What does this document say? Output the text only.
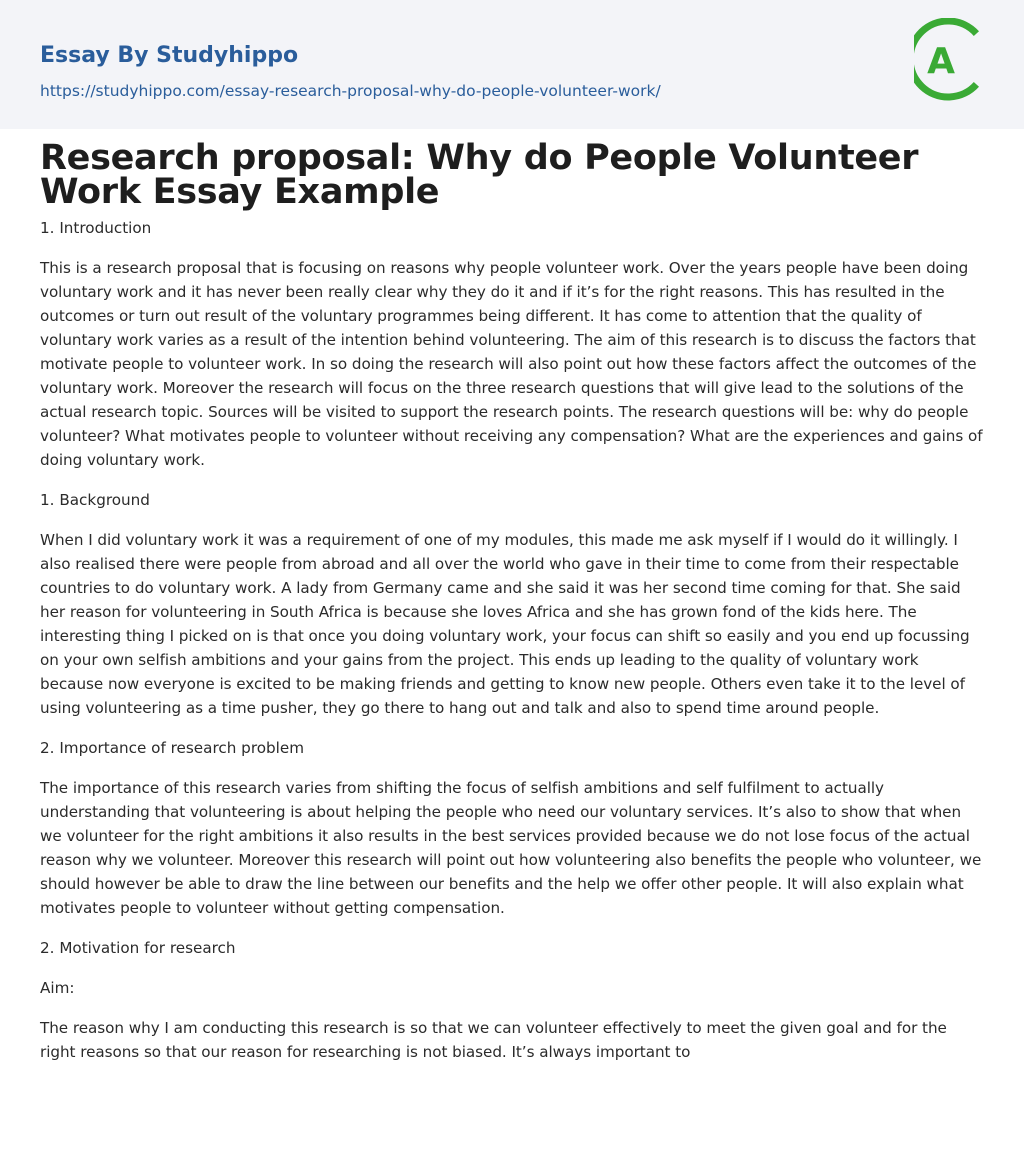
Essay By Studyhippo
https://studyhippo.com/essay-research-proposal-why-do-people-volunteer-work/
A
Research proposal: Why do People Volunteer Work Essay Example

1. Introduction

This is a research proposal that is focusing on reasons why people volunteer work. Over the years people have been doing voluntary work and it has never been really clear why they do it and if it’s for the right reasons. This has resulted in the outcomes or turn out result of the voluntary programmes being different. It has come to attention that the quality of voluntary work varies as a result of the intention behind volunteering. The aim of this research is to discuss the factors that motivate people to volunteer work. In so doing the research will also point out how these factors affect the outcomes of the voluntary work. Moreover the research will focus on the three research questions that will give lead to the solutions of the actual research topic. Sources will be visited to support the research points. The research questions will be: why do people volunteer? What motivates people to volunteer without receiving any compensation? What are the experiences and gains of doing voluntary work.

1. Background

When I did voluntary work it was a requirement of one of my modules, this made me ask myself if I would do it willingly. I also realised there were people from abroad and all over the world who gave in their time to come from their respectable countries to do voluntary work. A lady from Germany came and she said it was her second time coming for that. She said her reason for volunteering in South Africa is because she loves Africa and she has grown fond of the kids here. The interesting thing I picked on is that once you doing voluntary work, your focus can shift so easily and you end up focussing on your own selfish ambitions and your gains from the project. This ends up leading to the quality of voluntary work because now everyone is excited to be making friends and getting to know new people. Others even take it to the level of using volunteering as a time pusher, they go there to hang out and talk and also to spend time around people.

2. Importance of research problem

The importance of this research varies from shifting the focus of selfish ambitions and self fulfilment to actually understanding that volunteering is about helping the people who need our voluntary services. It’s also to show that when we volunteer for the right ambitions it also results in the best services provided because we do not lose focus of the actual reason why we volunteer. Moreover this research will point out how volunteering also benefits the people who volunteer, we should however be able to draw the line between our benefits and the help we offer other people. It will also explain what motivates people to volunteer without getting compensation.

2. Motivation for research

Aim:

The reason why I am conducting this research is so that we can volunteer effectively to meet the given goal and for the right reasons so that our reason for researching is not biased. It’s always important to
